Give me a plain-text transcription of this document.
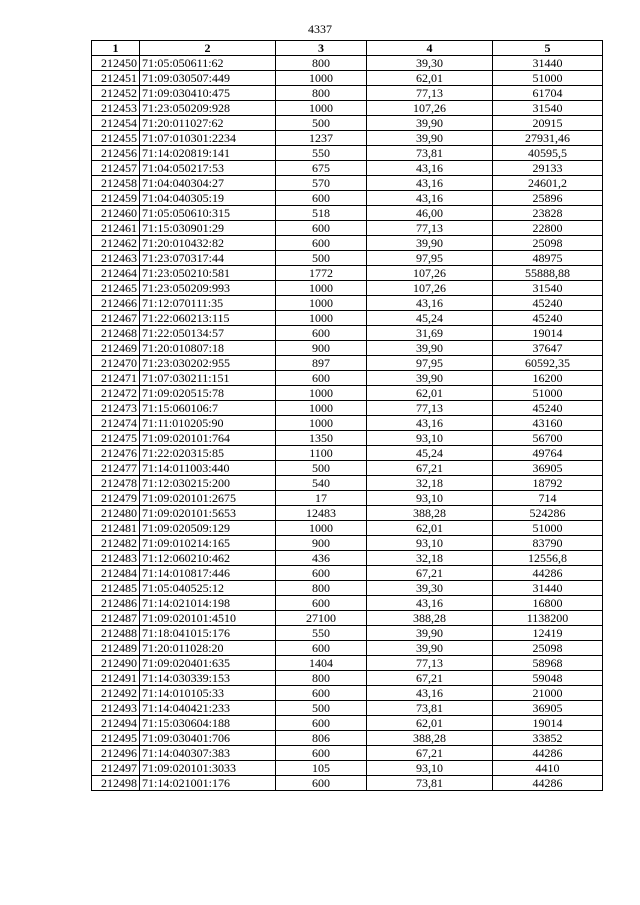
4337
1	2	3	4	5
212450	71:05:050611:62	800	39,30	31440
212451	71:09:030507:449	1000	62,01	51000
212452	71:09:030410:475	800	77,13	61704
212453	71:23:050209:928	1000	107,26	31540
212454	71:20:011027:62	500	39,90	20915
212455	71:07:010301:2234	1237	39,90	27931,46
212456	71:14:020819:141	550	73,81	40595,5
212457	71:04:050217:53	675	43,16	29133
212458	71:04:040304:27	570	43,16	24601,2
212459	71:04:040305:19	600	43,16	25896
212460	71:05:050610:315	518	46,00	23828
212461	71:15:030901:29	600	77,13	22800
212462	71:20:010432:82	600	39,90	25098
212463	71:23:070317:44	500	97,95	48975
212464	71:23:050210:581	1772	107,26	55888,88
212465	71:23:050209:993	1000	107,26	31540
212466	71:12:070111:35	1000	43,16	45240
212467	71:22:060213:115	1000	45,24	45240
212468	71:22:050134:57	600	31,69	19014
212469	71:20:010807:18	900	39,90	37647
212470	71:23:030202:955	897	97,95	60592,35
212471	71:07:030211:151	600	39,90	16200
212472	71:09:020515:78	1000	62,01	51000
212473	71:15:060106:7	1000	77,13	45240
212474	71:11:010205:90	1000	43,16	43160
212475	71:09:020101:764	1350	93,10	56700
212476	71:22:020315:85	1100	45,24	49764
212477	71:14:011003:440	500	67,21	36905
212478	71:12:030215:200	540	32,18	18792
212479	71:09:020101:2675	17	93,10	714
212480	71:09:020101:5653	12483	388,28	524286
212481	71:09:020509:129	1000	62,01	51000
212482	71:09:010214:165	900	93,10	83790
212483	71:12:060210:462	436	32,18	12556,8
212484	71:14:010817:446	600	67,21	44286
212485	71:05:040525:12	800	39,30	31440
212486	71:14:021014:198	600	43,16	16800
212487	71:09:020101:4510	27100	388,28	1138200
212488	71:18:041015:176	550	39,90	12419
212489	71:20:011028:20	600	39,90	25098
212490	71:09:020401:635	1404	77,13	58968
212491	71:14:030339:153	800	67,21	59048
212492	71:14:010105:33	600	43,16	21000
212493	71:14:040421:233	500	73,81	36905
212494	71:15:030604:188	600	62,01	19014
212495	71:09:030401:706	806	388,28	33852
212496	71:14:040307:383	600	67,21	44286
212497	71:09:020101:3033	105	93,10	4410
212498	71:14:021001:176	600	73,81	44286
